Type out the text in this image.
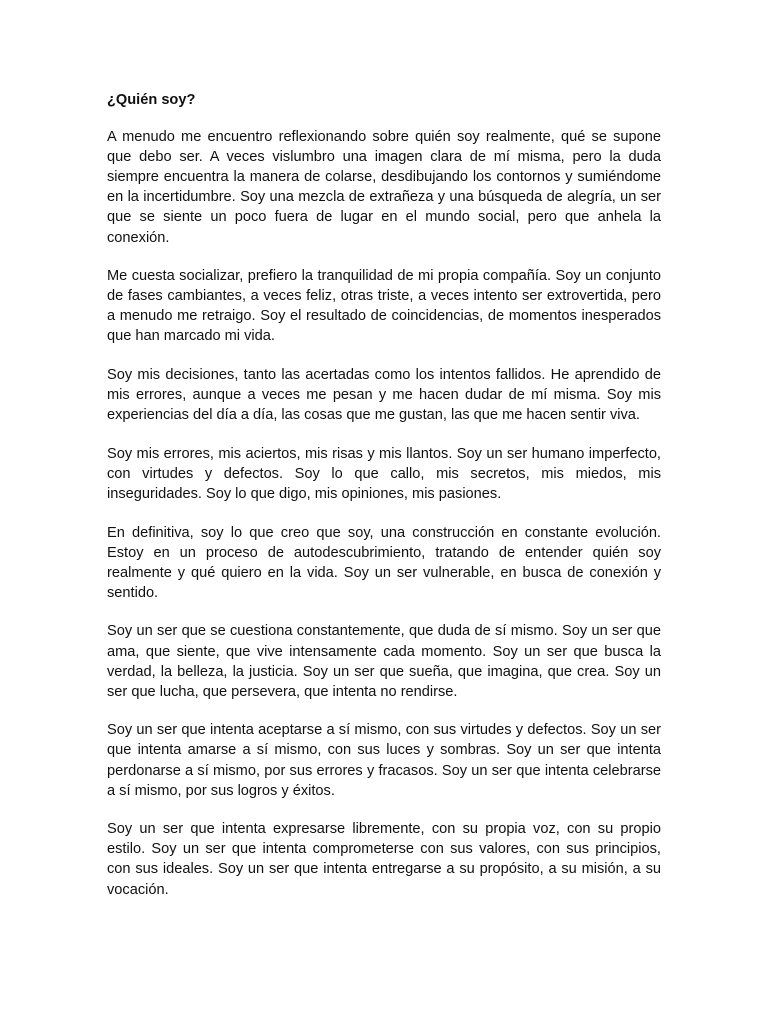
¿Quién soy?

A menudo me encuentro reflexionando sobre quién soy realmente, qué se supone que debo ser. A veces vislumbro una imagen clara de mí misma, pero la duda siempre encuentra la manera de colarse, desdibujando los contornos y sumiéndome en la incertidumbre. Soy una mezcla de extrañeza y una búsqueda de alegría, un ser que se siente un poco fuera de lugar en el mundo social, pero que anhela la conexión.

Me cuesta socializar, prefiero la tranquilidad de mi propia compañía. Soy un conjunto de fases cambiantes, a veces feliz, otras triste, a veces intento ser extrovertida, pero a menudo me retraigo. Soy el resultado de coincidencias, de momentos inesperados que han marcado mi vida.

Soy mis decisiones, tanto las acertadas como los intentos fallidos. He aprendido de mis errores, aunque a veces me pesan y me hacen dudar de mí misma. Soy mis experiencias del día a día, las cosas que me gustan, las que me hacen sentir viva.

Soy mis errores, mis aciertos, mis risas y mis llantos. Soy un ser humano imperfecto, con virtudes y defectos. Soy lo que callo, mis secretos, mis miedos, mis inseguridades. Soy lo que digo, mis opiniones, mis pasiones.

En definitiva, soy lo que creo que soy, una construcción en constante evolución. Estoy en un proceso de autodescubrimiento, tratando de entender quién soy realmente y qué quiero en la vida. Soy un ser vulnerable, en busca de conexión y sentido.

Soy un ser que se cuestiona constantemente, que duda de sí mismo. Soy un ser que ama, que siente, que vive intensamente cada momento. Soy un ser que busca la verdad, la belleza, la justicia. Soy un ser que sueña, que imagina, que crea. Soy un ser que lucha, que persevera, que intenta no rendirse.

Soy un ser que intenta aceptarse a sí mismo, con sus virtudes y defectos. Soy un ser que intenta amarse a sí mismo, con sus luces y sombras. Soy un ser que intenta perdonarse a sí mismo, por sus errores y fracasos. Soy un ser que intenta celebrarse a sí mismo, por sus logros y éxitos.

Soy un ser que intenta expresarse libremente, con su propia voz, con su propio estilo. Soy un ser que intenta comprometerse con sus valores, con sus principios, con sus ideales. Soy un ser que intenta entregarse a su propósito, a su misión, a su vocación.
